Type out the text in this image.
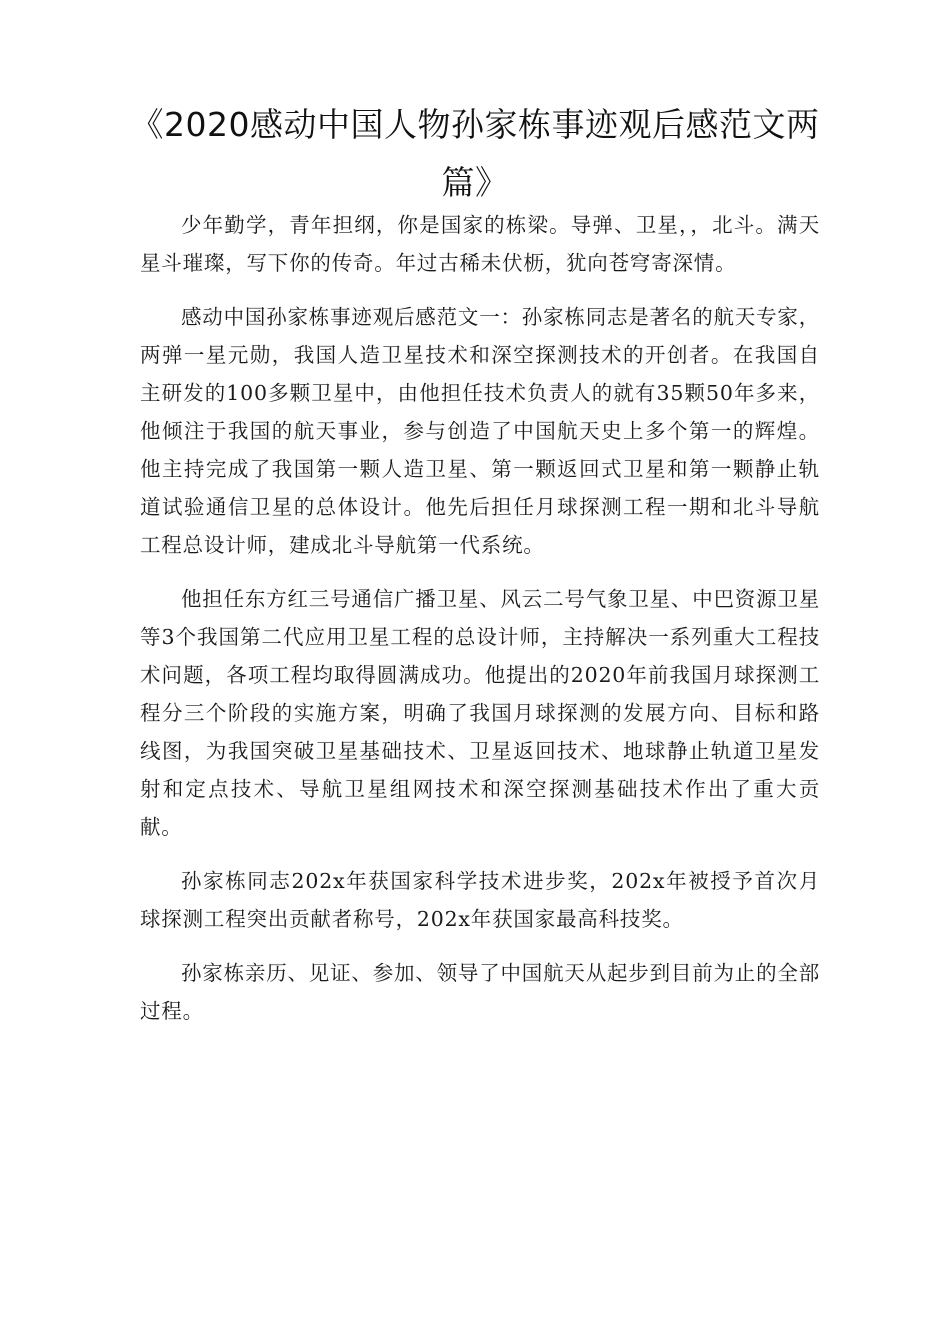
《2020感动中国人物孙家栋事迹观后感范文两篇》

少年勤学，青年担纲，你是国家的栋梁。导弹、卫星，，北斗。满天星斗璀璨，写下你的传奇。年过古稀未伏枥，犹向苍穹寄深情。

感动中国孙家栋事迹观后感范文一：孙家栋同志是著名的航天专家，两弹一星元勋，我国人造卫星技术和深空探测技术的开创者。在我国自主研发的100多颗卫星中，由他担任技术负责人的就有35颗50年多来，他倾注于我国的航天事业，参与创造了中国航天史上多个第一的辉煌。他主持完成了我国第一颗人造卫星、第一颗返回式卫星和第一颗静止轨道试验通信卫星的总体设计。他先后担任月球探测工程一期和北斗导航工程总设计师，建成北斗导航第一代系统。

他担任东方红三号通信广播卫星、风云二号气象卫星、中巴资源卫星等3个我国第二代应用卫星工程的总设计师，主持解决一系列重大工程技术问题，各项工程均取得圆满成功。他提出的2020年前我国月球探测工程分三个阶段的实施方案，明确了我国月球探测的发展方向、目标和路线图，为我国突破卫星基础技术、卫星返回技术、地球静止轨道卫星发射和定点技术、导航卫星组网技术和深空探测基础技术作出了重大贡献。

孙家栋同志202x年获国家科学技术进步奖，202x年被授予首次月球探测工程突出贡献者称号，202x年获国家最高科技奖。

孙家栋亲历、见证、参加、领导了中国航天从起步到目前为止的全部过程。
